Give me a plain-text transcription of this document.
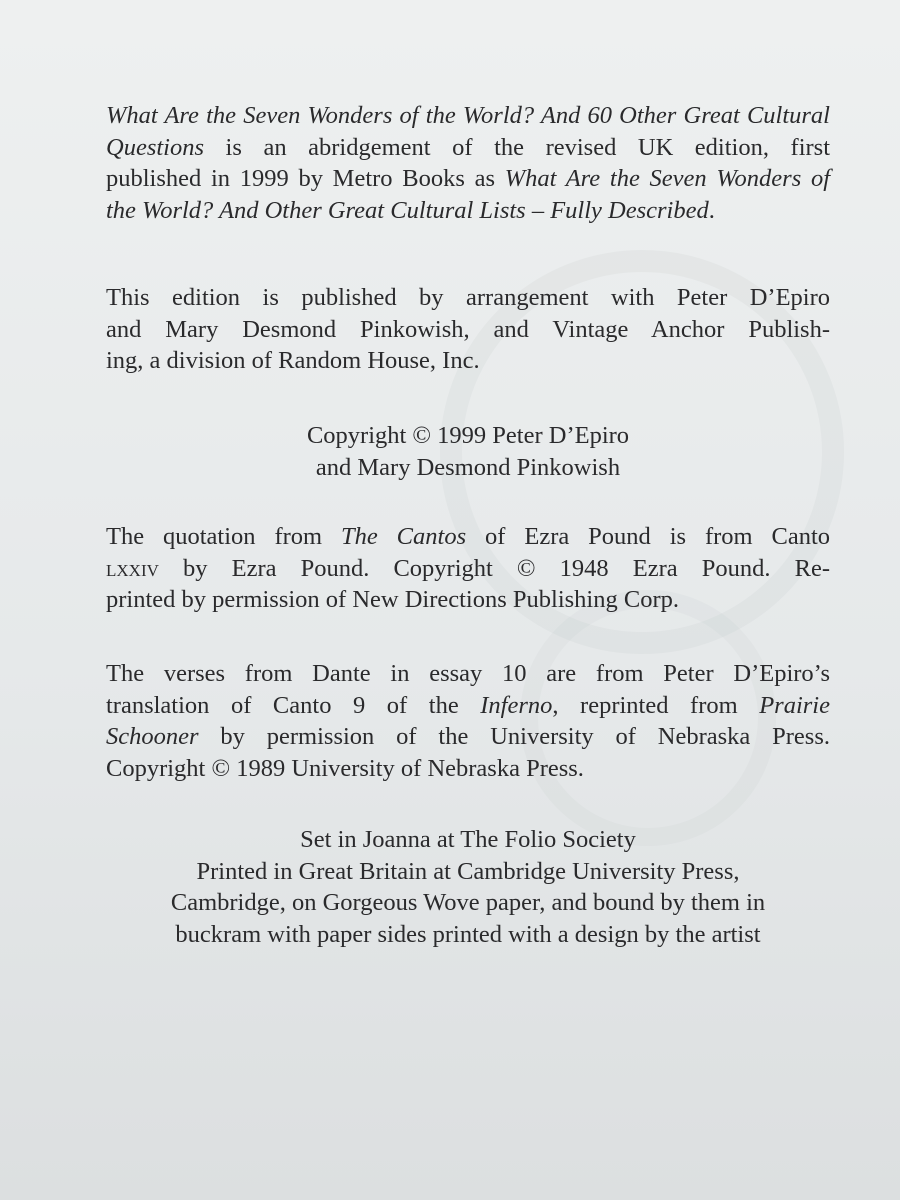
What Are the Seven Wonders of the World? And 60 Other Great Cultural
Questions is an abridgement of the revised UK edition, first
published in 1999 by Metro Books as What Are the Seven Wonders of
the World? And Other Great Cultural Lists – Fully Described.
This edition is published by arrangement with Peter D’Epiro
and Mary Desmond Pinkowish, and Vintage Anchor Publish-
ing, a division of Random House, Inc.
Copyright © 1999 Peter D’Epiro
and Mary Desmond Pinkowish
The quotation from The Cantos of Ezra Pound is from Canto
lxxiv by Ezra Pound. Copyright © 1948 Ezra Pound. Re-
printed by permission of New Directions Publishing Corp.
The verses from Dante in essay 10 are from Peter D’Epiro’s
translation of Canto 9 of the Inferno, reprinted from Prairie
Schooner by permission of the University of Nebraska Press.
Copyright © 1989 University of Nebraska Press.
Set in Joanna at The Folio Society
Printed in Great Britain at Cambridge University Press,
Cambridge, on Gorgeous Wove paper, and bound by them in
buckram with paper sides printed with a design by the artist
